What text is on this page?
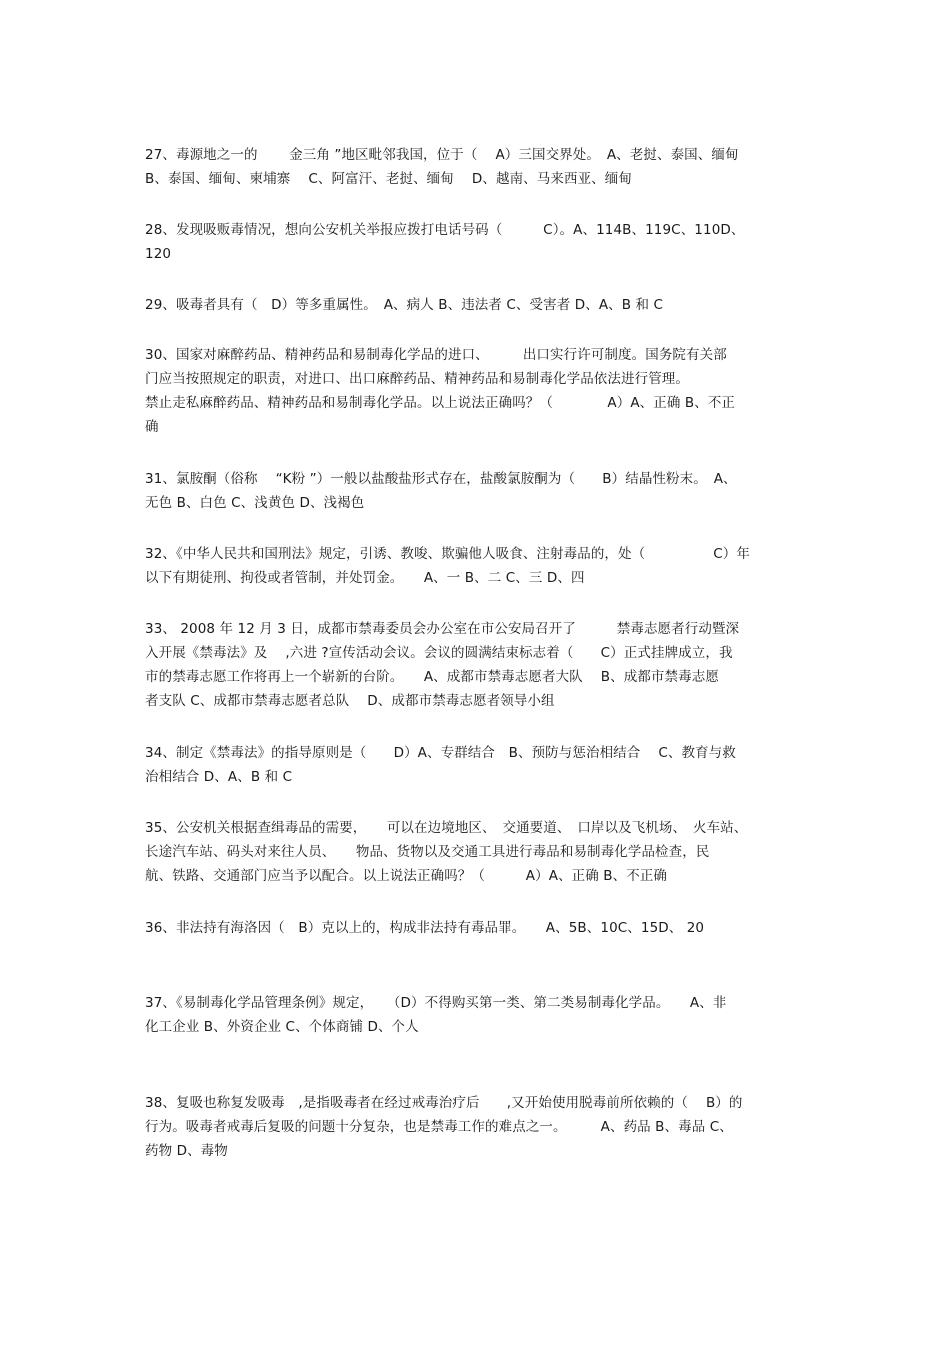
27、毒源地之一的　　 金三角 ”地区毗邻我国，位于（　 A）三国交界处。　A、老挝、泰国、缅甸
B、泰国、缅甸、柬埔寨　 C、阿富汗、老挝、缅甸　 D、越南、马来西亚、缅甸
28、发现吸贩毒情况，想向公安机关举报应拨打电话号码（　　　C）。A、114B、119C、110D、
120
29、吸毒者具有（　D）等多重属性。　A、病人 B、违法者 C、受害者 D、A、B 和 C
30、国家对麻醉药品、精神药品和易制毒化学品的进口、　　　出口实行许可制度。国务院有关部
门应当按照规定的职责，对进口、出口麻醉药品、精神药品和易制毒化学品依法进行管理。
禁止走私麻醉药品、精神药品和易制毒化学品。以上说法正确吗？（　　　　A）A、正确 B、不正
确
31、氯胺酮（俗称　 “K粉 ”）一般以盐酸盐形式存在，盐酸氯胺酮为（　　B）结晶性粉末。　A、
无色 B、白色 C、浅黄色 D、浅褐色
32、《中华人民共和国刑法》规定，引诱、教唆、欺骗他人吸食、注射毒品的，处（　　　　　C）年
以下有期徒刑、拘役或者管制，并处罚金。　　A、一 B、二 C、三 D、四
33、 2008 年 12 月 3 日，成都市禁毒委员会办公室在市公安局召开了　　　禁毒志愿者行动暨深
入开展《禁毒法》及　 ,六进 ?宣传活动会议。会议的圆满结束标志着（　　C）正式挂牌成立，我
市的禁毒志愿工作将再上一个崭新的台阶。　　A、成都市禁毒志愿者大队　 B、成都市禁毒志愿
者支队 C、成都市禁毒志愿者总队　 D、成都市禁毒志愿者领导小组
34、制定《禁毒法》的指导原则是（　　D）A、专群结合　B、预防与惩治相结合　 C、教育与救
治相结合 D、A、B 和 C
35、公安机关根据查缉毒品的需要，　　可以在边境地区、　交通要道、　口岸以及飞机场、　火车站、
长途汽车站、码头对来往人员、　　物品、货物以及交通工具进行毒品和易制毒化学品检查，民
航、铁路、交通部门应当予以配合。以上说法正确吗？（　　　A）A、正确 B、不正确
36、非法持有海洛因（　B）克以上的，构成非法持有毒品罪。　　A、5B、10C、15D、 20
37、《易制毒化学品管理条例》规定，　　（D）不得购买第一类、第二类易制毒化学品。　　A、非
化工企业 B、外资企业 C、个体商铺 D、个人
38、复吸也称复发吸毒　,是指吸毒者在经过戒毒治疗后　　,又开始使用脱毒前所依赖的（　 B）的
行为。吸毒者戒毒后复吸的问题十分复杂，也是禁毒工作的难点之一。　　　A、药品 B、毒品 C、
药物 D、毒物
